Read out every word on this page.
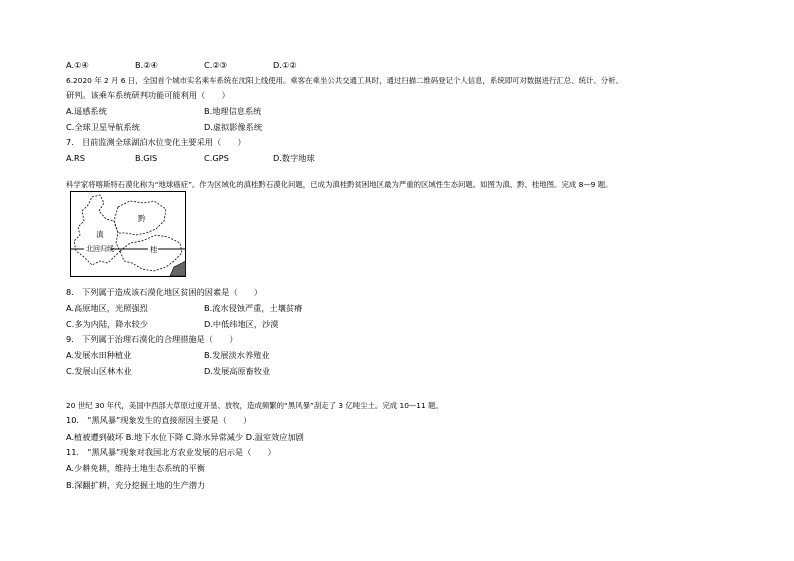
A.①④	B.②④	C.②③	D.①②
6.2020 年 2 月 6 日，全国首个城市实名乘车系统在沈阳上线使用。乘客在乘坐公共交通工具时，通过扫描二维码登记个人信息，系统即可对数据进行汇总、统计、分析、
研判。该乘车系统研判功能可能利用（　　）
A.遥感系统	B.地理信息系统
C.全球卫星导航系统	D.虚拟影像系统
7.　目前监测全球湖泊水位变化主要采用（　　）
A.RS	B.GIS	C.GPS	D.数字地球
科学家将喀斯特石漠化称为“地球癌症”。作为区域化的滇桂黔石漠化问题，已成为滇桂黔贫困地区最为严重的区域性生态问题。如图为滇、黔、桂地图。完成 8—9 题。
北回归线
滇
黔
桂
8.　下列属于造成该石漠化地区贫困的因素是（　　）
A.高原地区，光照强烈	B.流水侵蚀严重，土壤贫瘠
C.多为内陆，降水较少	D.中低纬地区，沙漠
9.　下列属于治理石漠化的合理措施是（　　）
A.发展水田种植业	B.发展淡水养殖业
C.发展山区林木业	D.发展高原畜牧业
20 世纪 30 年代，美国中西部大草原过度开垦、放牧，造成频繁的“黑风暴”刮走了 3 亿吨尘土。完成 10—11 题。
10.　“黑风暴”现象发生的直接原因主要是（　　）
A.植被遭到破坏 B.地下水位下降 C.降水异常减少 D.温室效应加剧
11.　“黑风暴”现象对我国北方农业发展的启示是（　　）
A.少耕免耕，维持土地生态系统的平衡
B.深翻扩耕，充分挖掘土地的生产潜力
